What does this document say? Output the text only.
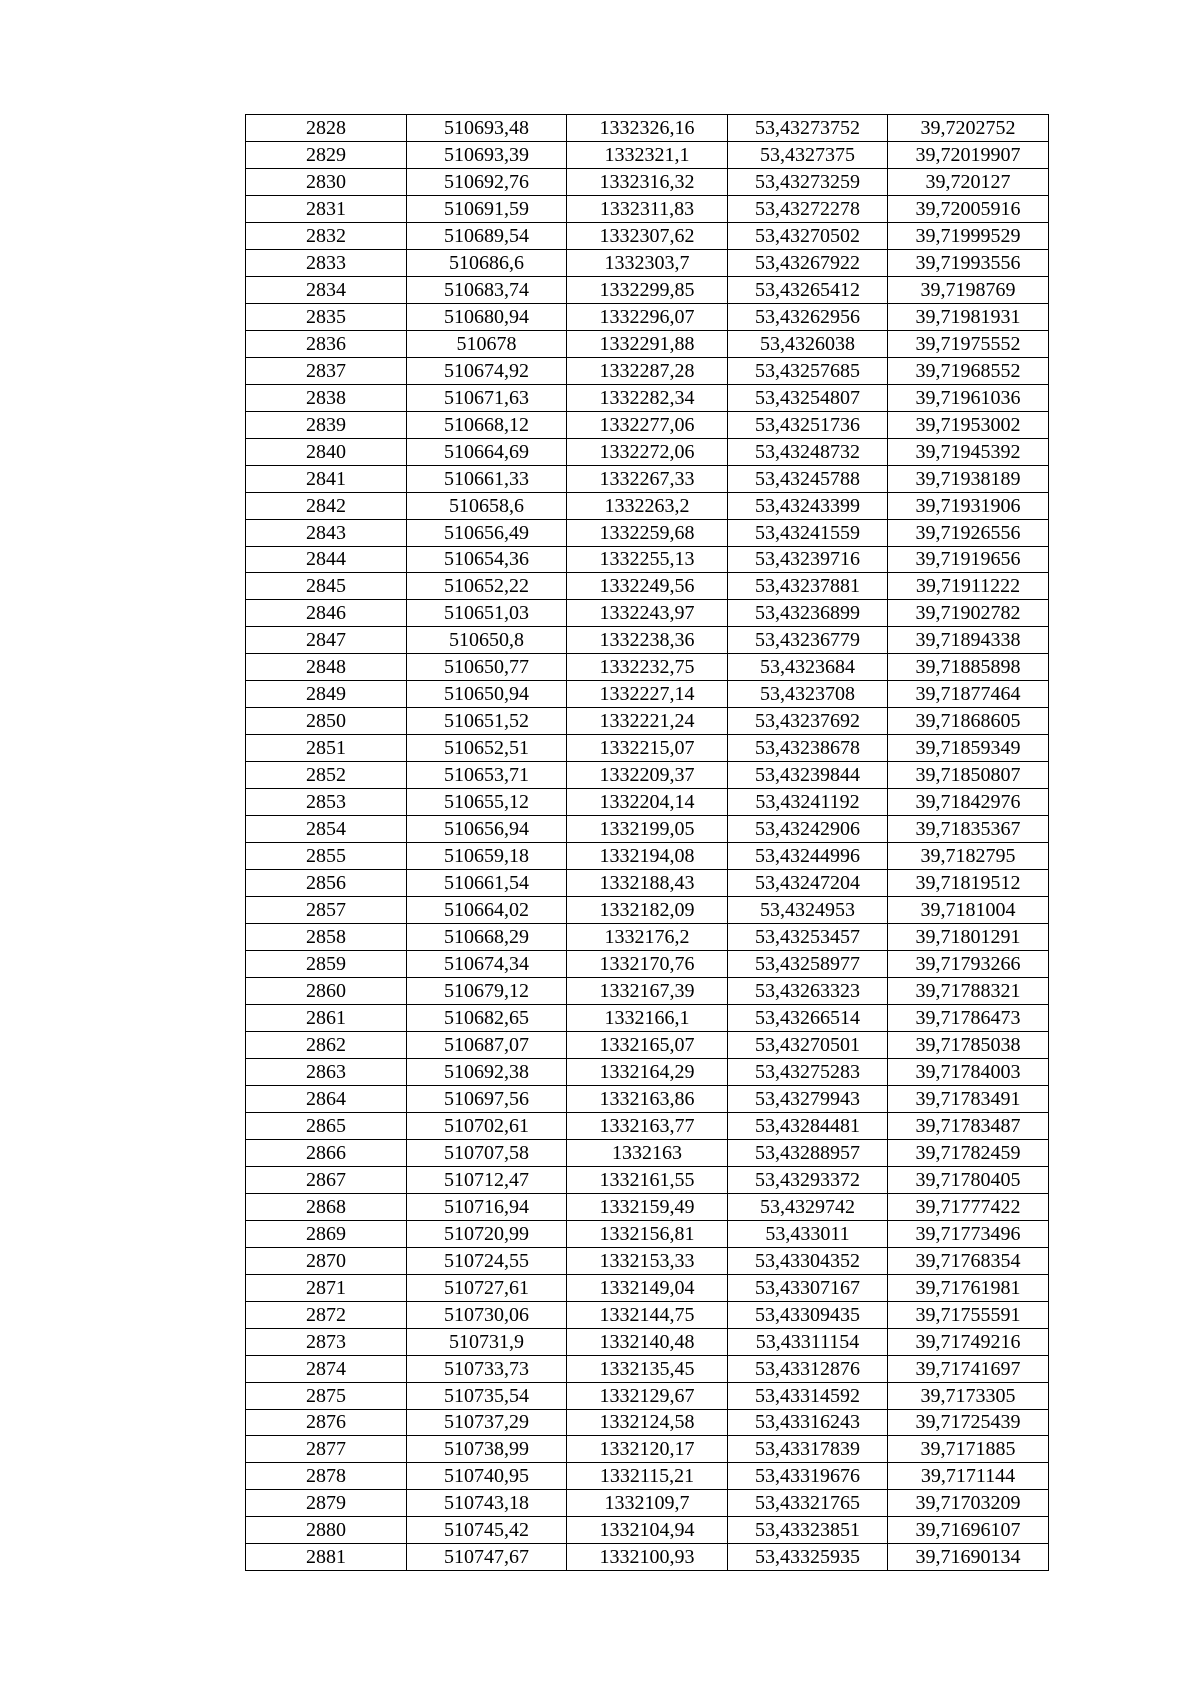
2828	510693,48	1332326,16	53,43273752	39,7202752
2829	510693,39	1332321,1	53,4327375	39,72019907
2830	510692,76	1332316,32	53,43273259	39,720127
2831	510691,59	1332311,83	53,43272278	39,72005916
2832	510689,54	1332307,62	53,43270502	39,71999529
2833	510686,6	1332303,7	53,43267922	39,71993556
2834	510683,74	1332299,85	53,43265412	39,7198769
2835	510680,94	1332296,07	53,43262956	39,71981931
2836	510678	1332291,88	53,4326038	39,71975552
2837	510674,92	1332287,28	53,43257685	39,71968552
2838	510671,63	1332282,34	53,43254807	39,71961036
2839	510668,12	1332277,06	53,43251736	39,71953002
2840	510664,69	1332272,06	53,43248732	39,71945392
2841	510661,33	1332267,33	53,43245788	39,71938189
2842	510658,6	1332263,2	53,43243399	39,71931906
2843	510656,49	1332259,68	53,43241559	39,71926556
2844	510654,36	1332255,13	53,43239716	39,71919656
2845	510652,22	1332249,56	53,43237881	39,71911222
2846	510651,03	1332243,97	53,43236899	39,71902782
2847	510650,8	1332238,36	53,43236779	39,71894338
2848	510650,77	1332232,75	53,4323684	39,71885898
2849	510650,94	1332227,14	53,4323708	39,71877464
2850	510651,52	1332221,24	53,43237692	39,71868605
2851	510652,51	1332215,07	53,43238678	39,71859349
2852	510653,71	1332209,37	53,43239844	39,71850807
2853	510655,12	1332204,14	53,43241192	39,71842976
2854	510656,94	1332199,05	53,43242906	39,71835367
2855	510659,18	1332194,08	53,43244996	39,7182795
2856	510661,54	1332188,43	53,43247204	39,71819512
2857	510664,02	1332182,09	53,4324953	39,7181004
2858	510668,29	1332176,2	53,43253457	39,71801291
2859	510674,34	1332170,76	53,43258977	39,71793266
2860	510679,12	1332167,39	53,43263323	39,71788321
2861	510682,65	1332166,1	53,43266514	39,71786473
2862	510687,07	1332165,07	53,43270501	39,71785038
2863	510692,38	1332164,29	53,43275283	39,71784003
2864	510697,56	1332163,86	53,43279943	39,71783491
2865	510702,61	1332163,77	53,43284481	39,71783487
2866	510707,58	1332163	53,43288957	39,71782459
2867	510712,47	1332161,55	53,43293372	39,71780405
2868	510716,94	1332159,49	53,4329742	39,71777422
2869	510720,99	1332156,81	53,433011	39,71773496
2870	510724,55	1332153,33	53,43304352	39,71768354
2871	510727,61	1332149,04	53,43307167	39,71761981
2872	510730,06	1332144,75	53,43309435	39,71755591
2873	510731,9	1332140,48	53,43311154	39,71749216
2874	510733,73	1332135,45	53,43312876	39,71741697
2875	510735,54	1332129,67	53,43314592	39,7173305
2876	510737,29	1332124,58	53,43316243	39,71725439
2877	510738,99	1332120,17	53,43317839	39,7171885
2878	510740,95	1332115,21	53,43319676	39,7171144
2879	510743,18	1332109,7	53,43321765	39,71703209
2880	510745,42	1332104,94	53,43323851	39,71696107
2881	510747,67	1332100,93	53,43325935	39,71690134
